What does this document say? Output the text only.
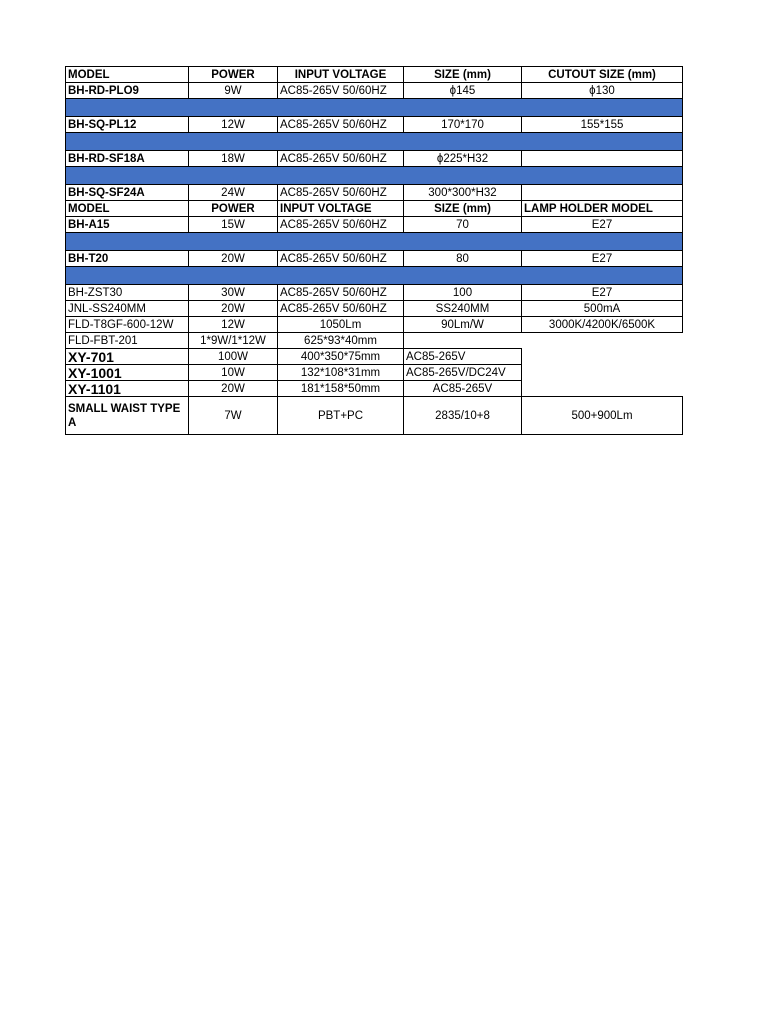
MODEL	POWER	INPUT VOLTAGE	SIZE (mm)	CUTOUT SIZE (mm)
BH-RD-PLO9	9W	AC85-265V 50/60HZ	ϕ145	ϕ130

BH-SQ-PL12	12W	AC85-265V 50/60HZ	170*170	155*155

BH-RD-SF18A	18W	AC85-265V 50/60HZ	ϕ225*H32	

BH-SQ-SF24A	24W	AC85-265V 50/60HZ	300*300*H32	
MODEL	POWER	INPUT VOLTAGE	SIZE (mm)	LAMP HOLDER MODEL
BH-A15	15W	AC85-265V 50/60HZ	70	E27

BH-T20	20W	AC85-265V 50/60HZ	80	E27

BH-ZST30	30W	AC85-265V 50/60HZ	100	E27
JNL-SS240MM	20W	AC85-265V 50/60HZ	SS240MM	500mA
FLD-T8GF-600-12W	12W	1050Lm	90Lm/W	3000K/4200K/6500K
FLD-FBT-201	1*9W/1*12W	625*93*40mm		
XY-701	100W	400*350*75mm	AC85-265V	
XY-1001	10W	132*108*31mm	AC85-265V/DC24V	
XY-1101	20W	181*158*50mm	AC85-265V	
SMALL WAIST TYPE A	7W	PBT+PC	2835/10+8	500+900Lm
